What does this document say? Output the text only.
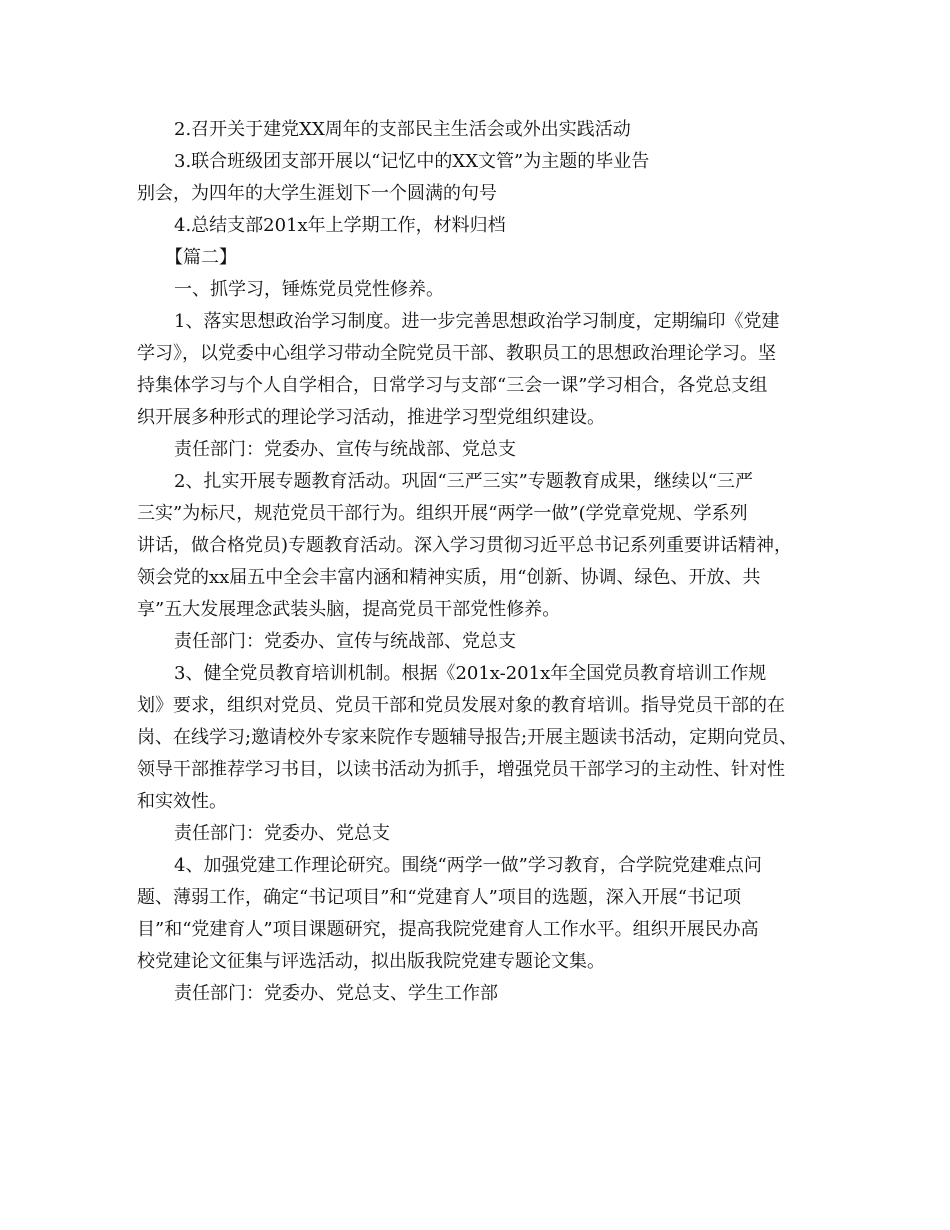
2.召开关于建党XX周年的支部民主生活会或外出实践活动

3.联合班级团支部开展以“记忆中的XX文管”为主题的毕业告

别会，为四年的大学生涯划下一个圆满的句号

4.总结支部201x年上学期工作，材料归档

【篇二】

一、抓学习，锤炼党员党性修养。

1、落实思想政治学习制度。进一步完善思想政治学习制度，定期编印《党建
学习》，以党委中心组学习带动全院党员干部、教职员工的思想政治理论学习。坚
持集体学习与个人自学相合，日常学习与支部“三会一课”学习相合，各党总支组
织开展多种形式的理论学习活动，推进学习型党组织建设。

责任部门：党委办、宣传与统战部、党总支

2、扎实开展专题教育活动。巩固“三严三实”专题教育成果，继续以“三严
三实”为标尺，规范党员干部行为。组织开展“两学一做”(学党章党规、学系列
讲话，做合格党员)专题教育活动。深入学习贯彻习近平总书记系列重要讲话精神，
领会党的xx届五中全会丰富内涵和精神实质，用“创新、协调、绿色、开放、共
享”五大发展理念武装头脑，提高党员干部党性修养。

责任部门：党委办、宣传与统战部、党总支

3、健全党员教育培训机制。根据《201x-201x年全国党员教育培训工作规
划》要求，组织对党员、党员干部和党员发展对象的教育培训。指导党员干部的在
岗、在线学习;邀请校外专家来院作专题辅导报告;开展主题读书活动，定期向党员、
领导干部推荐学习书目，以读书活动为抓手，增强党员干部学习的主动性、针对性
和实效性。

责任部门：党委办、党总支

4、加强党建工作理论研究。围绕“两学一做”学习教育，合学院党建难点问
题、薄弱工作，确定“书记项目”和“党建育人”项目的选题，深入开展“书记项
目”和“党建育人”项目课题研究，提高我院党建育人工作水平。组织开展民办高
校党建论文征集与评选活动，拟出版我院党建专题论文集。

责任部门：党委办、党总支、学生工作部
